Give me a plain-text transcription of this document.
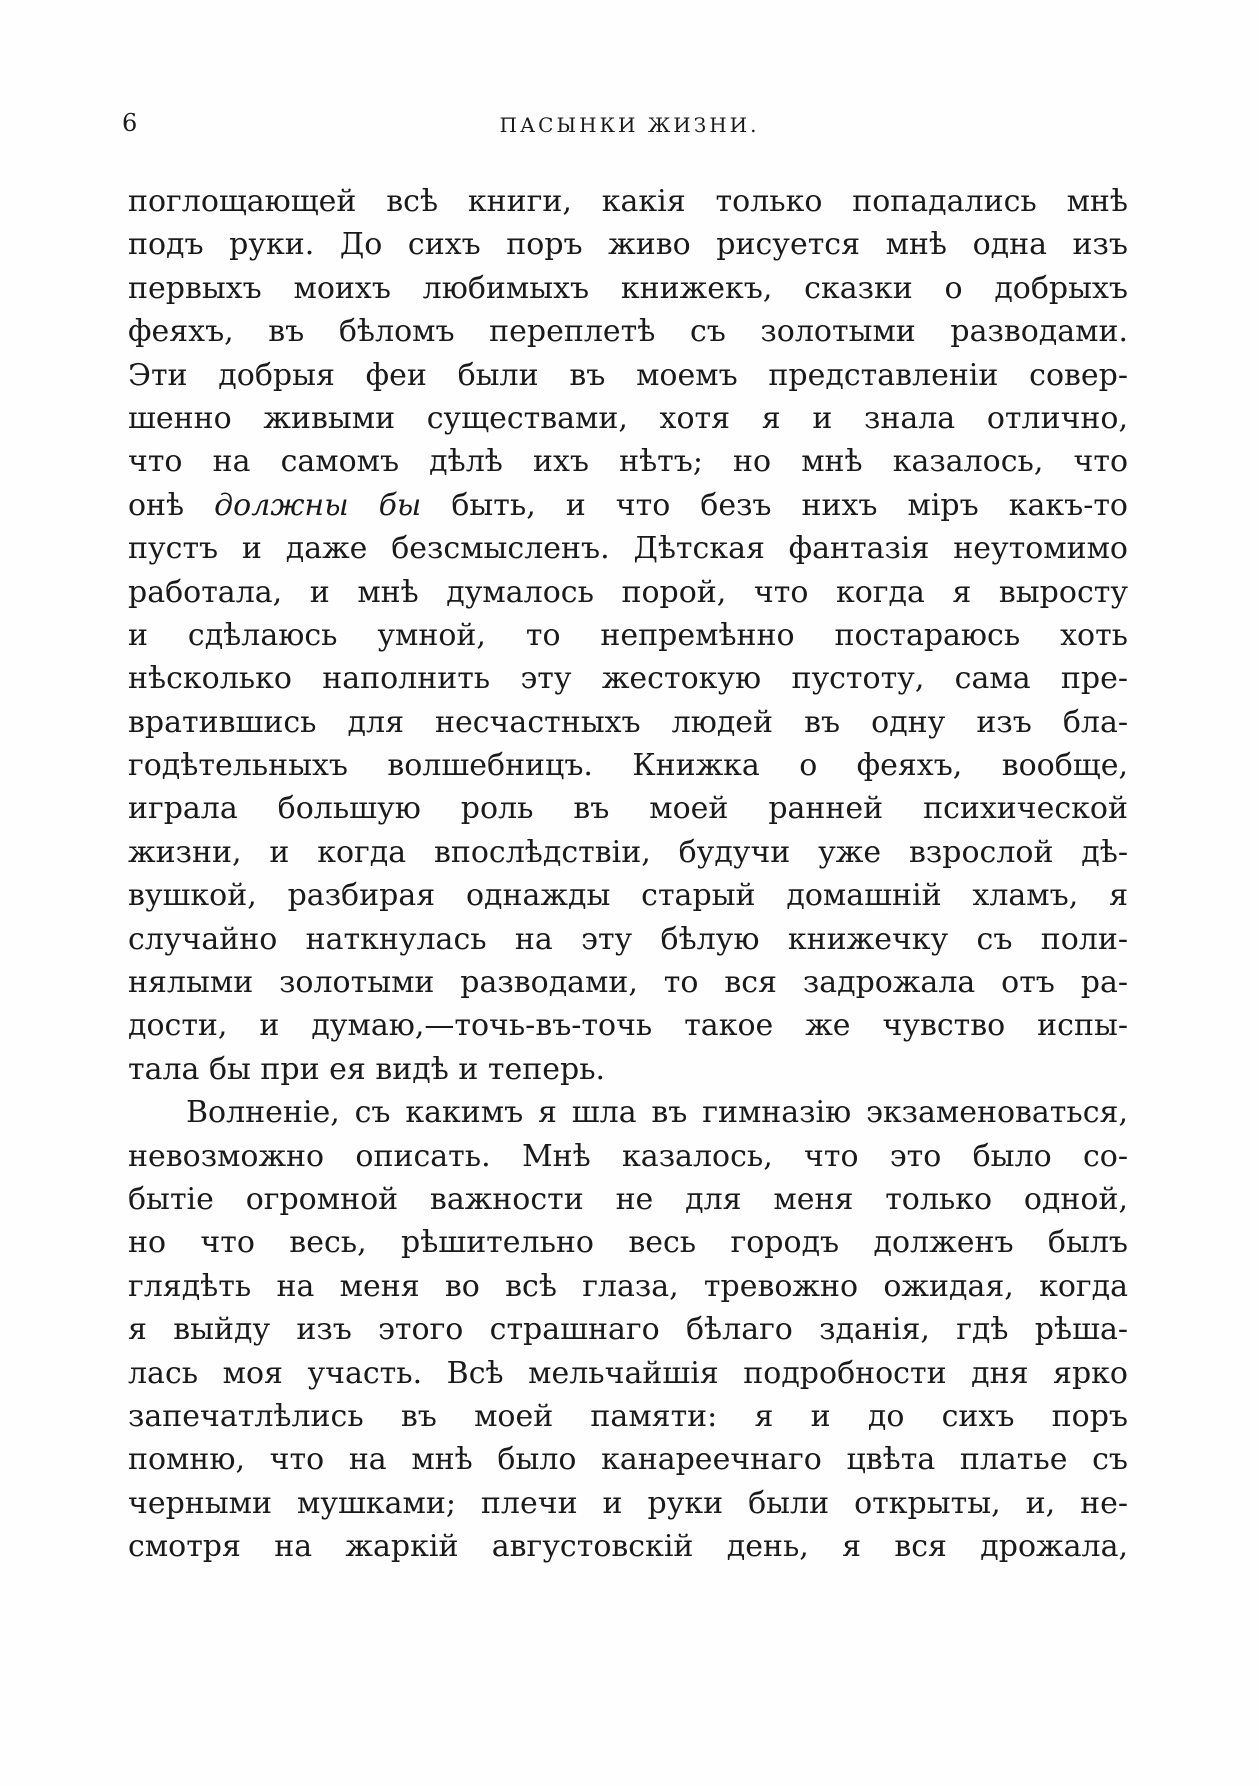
6	ПАСЫНКИ ЖИЗНИ.
поглощающей всѣ книги, какія только попадались мнѣ
подъ руки. До сихъ поръ живо рисуется мнѣ одна изъ
первыхъ моихъ любимыхъ книжекъ, сказки о добрыхъ
феяхъ, въ бѣломъ переплетѣ съ золотыми разводами.
Эти добрыя феи были въ моемъ представленіи совер-
шенно живыми существами, хотя я и знала отлично,
что на самомъ дѣлѣ ихъ нѣтъ; но мнѣ казалось, что
онѣ должны бы быть, и что безъ нихъ міръ какъ-то
пустъ и даже безсмысленъ. Дѣтская фантазія неутомимо
работала, и мнѣ думалось порой, что когда я выросту
и сдѣлаюсь умной, то непремѣнно постараюсь хоть
нѣсколько наполнить эту жестокую пустоту, сама пре-
вратившись для несчастныхъ людей въ одну изъ бла-
годѣтельныхъ волшебницъ. Книжка о феяхъ, вообще,
играла большую роль въ моей ранней психической
жизни, и когда впослѣдствіи, будучи уже взрослой дѣ-
вушкой, разбирая однажды старый домашній хламъ, я
случайно наткнулась на эту бѣлую книжечку съ поли-
нялыми золотыми разводами, то вся задрожала отъ ра-
дости, и думаю,—точь-въ-точь такое же чувство испы-
тала бы при ея видѣ и теперь.
Волненіе, съ какимъ я шла въ гимназію экзаменоваться,
невозможно описать. Мнѣ казалось, что это было со-
бытіе огромной важности не для меня только одной,
но что весь, рѣшительно весь городъ долженъ былъ
глядѣть на меня во всѣ глаза, тревожно ожидая, когда
я выйду изъ этого страшнаго бѣлаго зданія, гдѣ рѣша-
лась моя участь. Всѣ мельчайшія подробности дня ярко
запечатлѣлись въ моей памяти: я и до сихъ поръ
помню, что на мнѣ было канареечнаго цвѣта платье съ
черными мушками; плечи и руки были открыты, и, не-
смотря на жаркій августовскій день, я вся дрожала,
